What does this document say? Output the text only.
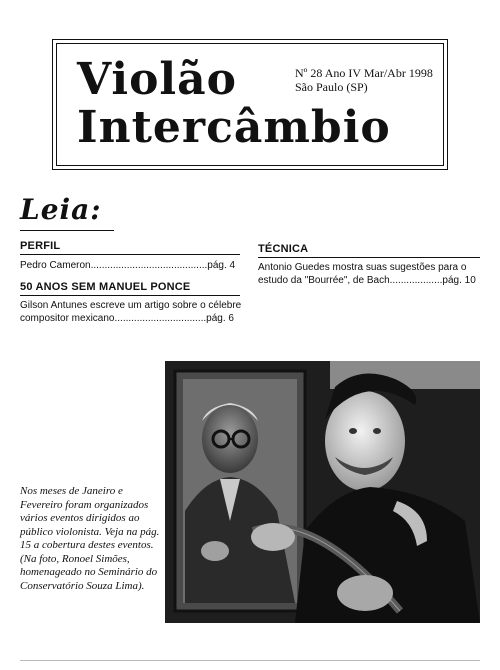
Violão
Intercâmbio
Nº 28 Ano IV Mar/Abr 1998
São Paulo (SP)
Leia:
PERFIL
Pedro Cameron..........................................pág. 4
50 ANOS SEM MANUEL PONCE
Gilson Antunes escreve um artigo sobre o célebre
compositor mexicano.................................pág. 6
TÉCNICA
Antonio Guedes mostra suas sugestões para o
estudo da "Bourrée", de Bach...................pág. 10
Nos meses de Janeiro e Fevereiro foram organizados vários eventos dirigidos ao público violonista. Veja na pág. 15 a cobertura destes eventos. (Na foto, Ronoel Simões, homenageado no Seminário do Conservatório Souza Lima).
